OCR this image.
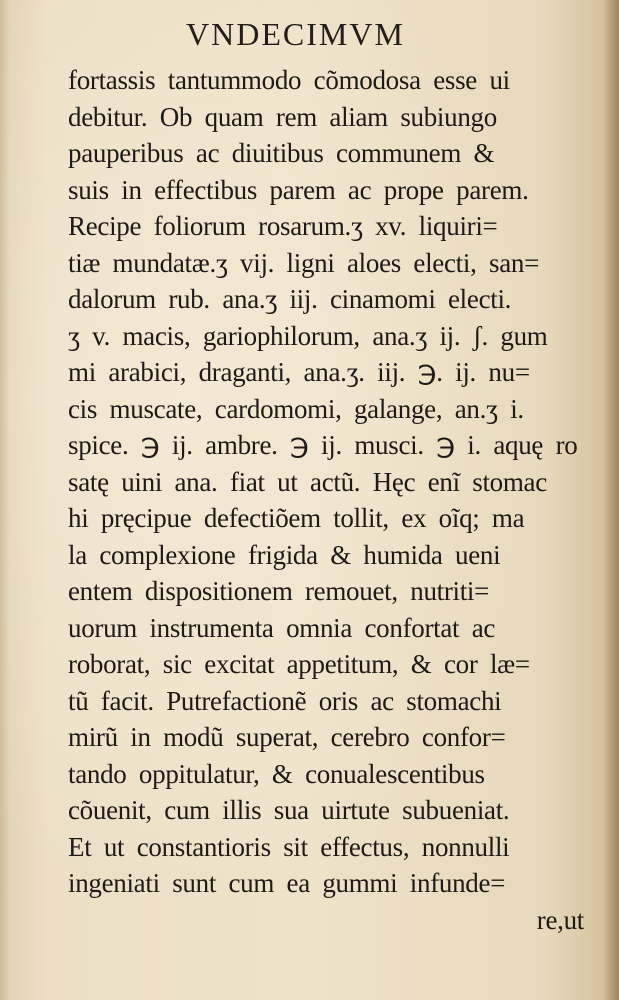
VNDECIMVM
fortassis tantummodo cõmodosa esse ui
debitur. Ob quam rem aliam subiungo
pauperibus ac diuitibus communem &
suis in effectibus parem ac prope parem.
Recipe foliorum rosarum.ʒ xv. liquiri=
tiæ mundatæ.ʒ vij. ligni aloes electi, san=
dalorum rub. ana.ʒ iij. cinamomi electi.
ʒ v. macis, gariophilorum, ana.ʒ ij. ʃ. gum
mi arabici, draganti, ana.ʒ. iij. ℈. ij. nu=
cis muscate, cardomomi, galange, an.ʒ i.
spice. ℈ ij. ambre. ℈ ij. musci. ℈ i. aquę ro
satę uini ana. fiat ut actũ. Hęc enĩ stomac
hi pręcipue defectiõem tollit, ex oĩq; ma
la complexione frigida & humida ueni
entem dispositionem remouet, nutriti=
uorum instrumenta omnia confortat ac
roborat, sic excitat appetitum, & cor læ=
tũ facit. Putrefactionẽ oris ac stomachi
mirũ in modũ superat, cerebro confor=
tando oppitulatur, & conualescentibus
cõuenit, cum illis sua uirtute subueniat.
Et ut constantioris sit effectus, nonnulli
ingeniati sunt cum ea gummi infunde=
re,ut
